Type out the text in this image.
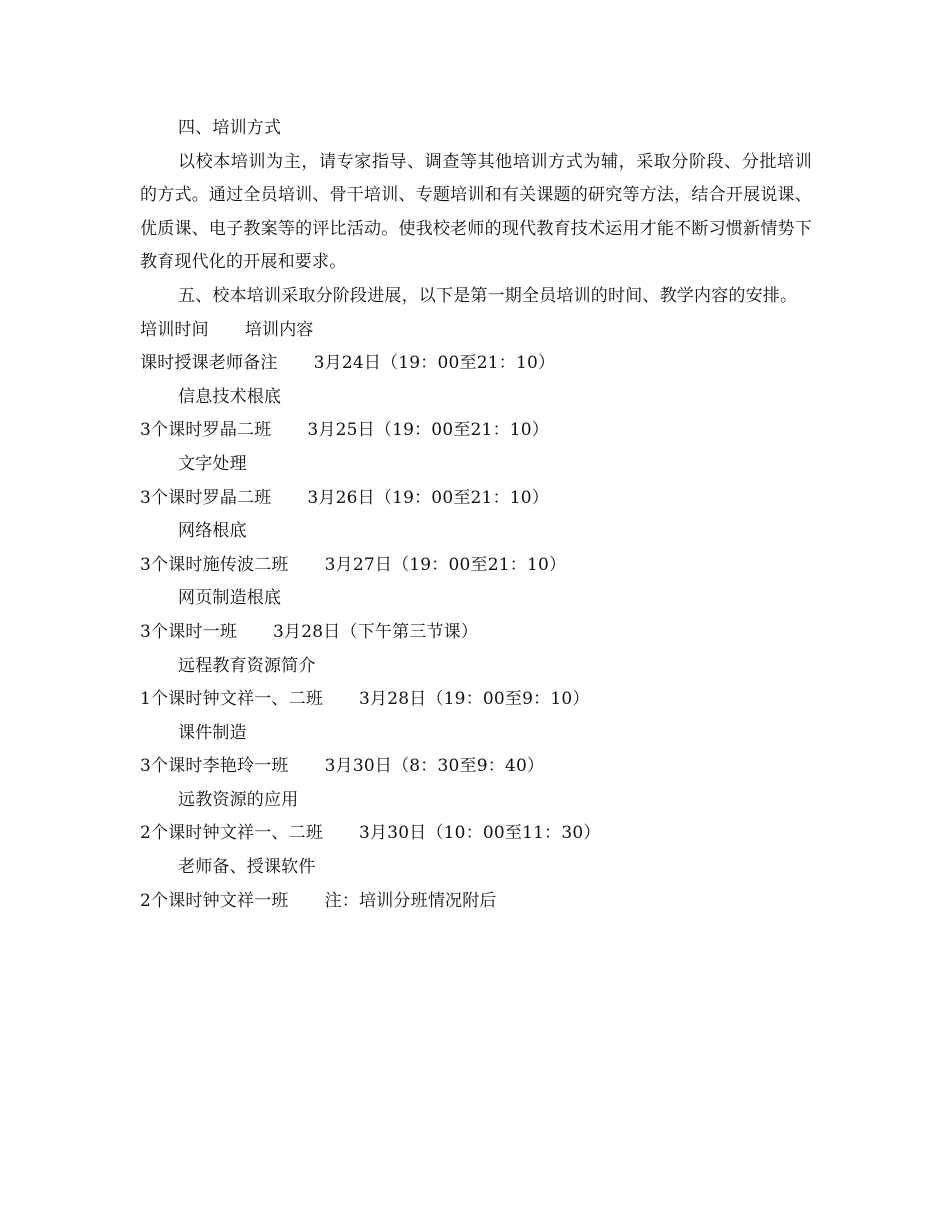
四、培训方式
以校本培训为主，请专家指导、调查等其他培训方式为辅，采取分阶段、分批培训的方式。通过全员培训、骨干培训、专题培训和有关课题的研究等方法，结合开展说课、优质课、电子教案等的评比活动。使我校老师的现代教育技术运用才能不断习惯新情势下教育现代化的开展和要求。
五、校本培训采取分阶段进展，以下是第一期全员培训的时间、教学内容的安排。
培训时间 培训内容
课时授课老师备注 3月24日（19：00至21：10）
信息技术根底
3个课时罗晶二班 3月25日（19：00至21：10）
文字处理
3个课时罗晶二班 3月26日（19：00至21：10）
网络根底
3个课时施传波二班 3月27日（19：00至21：10）
网页制造根底
3个课时一班 3月28日（下午第三节课）
远程教育资源简介
1个课时钟文祥一、二班 3月28日（19：00至9：10）
课件制造
3个课时李艳玲一班 3月30日（8：30至9：40）
远教资源的应用
2个课时钟文祥一、二班 3月30日（10：00至11：30）
老师备、授课软件
2个课时钟文祥一班 注：培训分班情况附后
